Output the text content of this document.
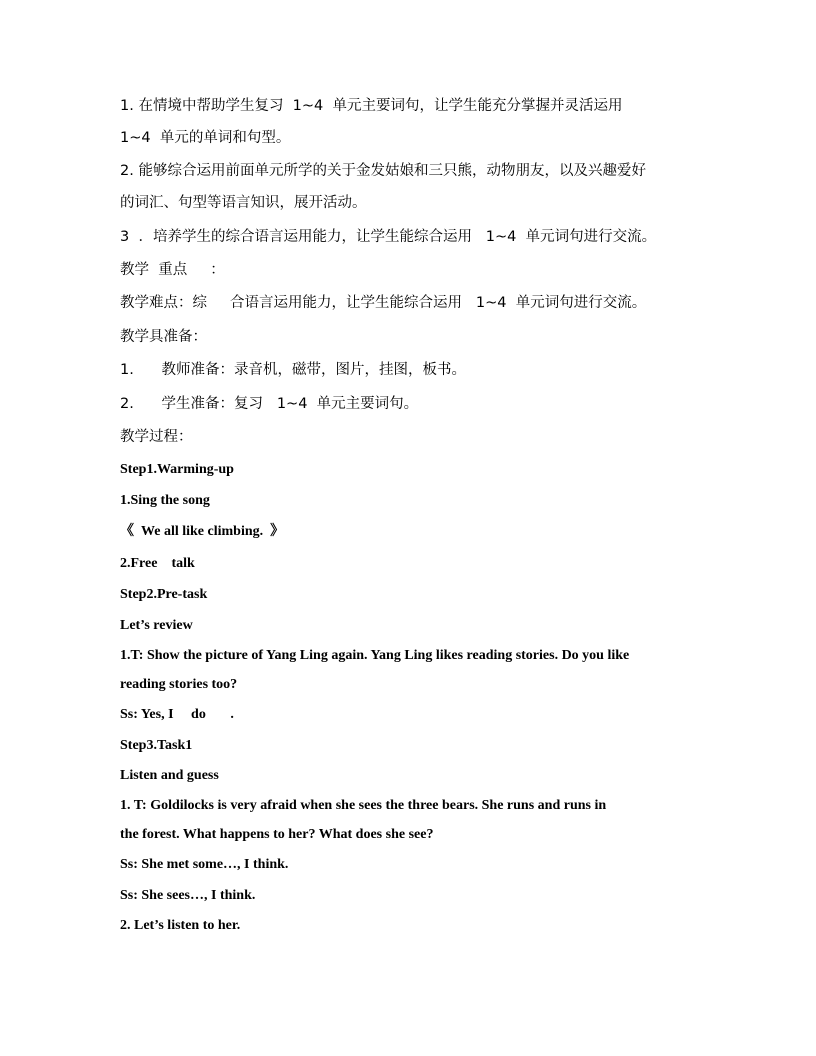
1. 在情境中帮助学生复习  1~4  单元主要词句，让学生能充分掌握并灵活运用
1~4  单元的单词和句型。
2. 能够综合运用前面单元所学的关于金发姑娘和三只熊，动物朋友，以及兴趣爱好
的词汇、句型等语言知识，展开活动。
3  ．培养学生的综合语言运用能力，让学生能综合运用   1~4  单元词句进行交流。
教学  重点     ：
教学难点：综     合语言运用能力，让学生能综合运用   1~4  单元词句进行交流。
教学具准备：
1.      教师准备：录音机，磁带，图片，挂图，板书。
2.      学生准备：复习   1~4  单元主要词句。
教学过程：
Step1.Warming-up
1.Sing the song
《  We all like climbing.  》
2.Free    talk
Step2.Pre-task
Let’s review
1.T: Show the picture of Yang Ling again. Yang Ling likes reading stories. Do you like
reading stories too?
Ss: Yes, I     do       .
Step3.Task1
Listen and guess
1. T: Goldilocks is very afraid when she sees the three bears. She runs and runs in
the forest. What happens to her? What does she see?
Ss: She met some…, I think.
Ss: She sees…, I think.
2. Let’s listen to her.
